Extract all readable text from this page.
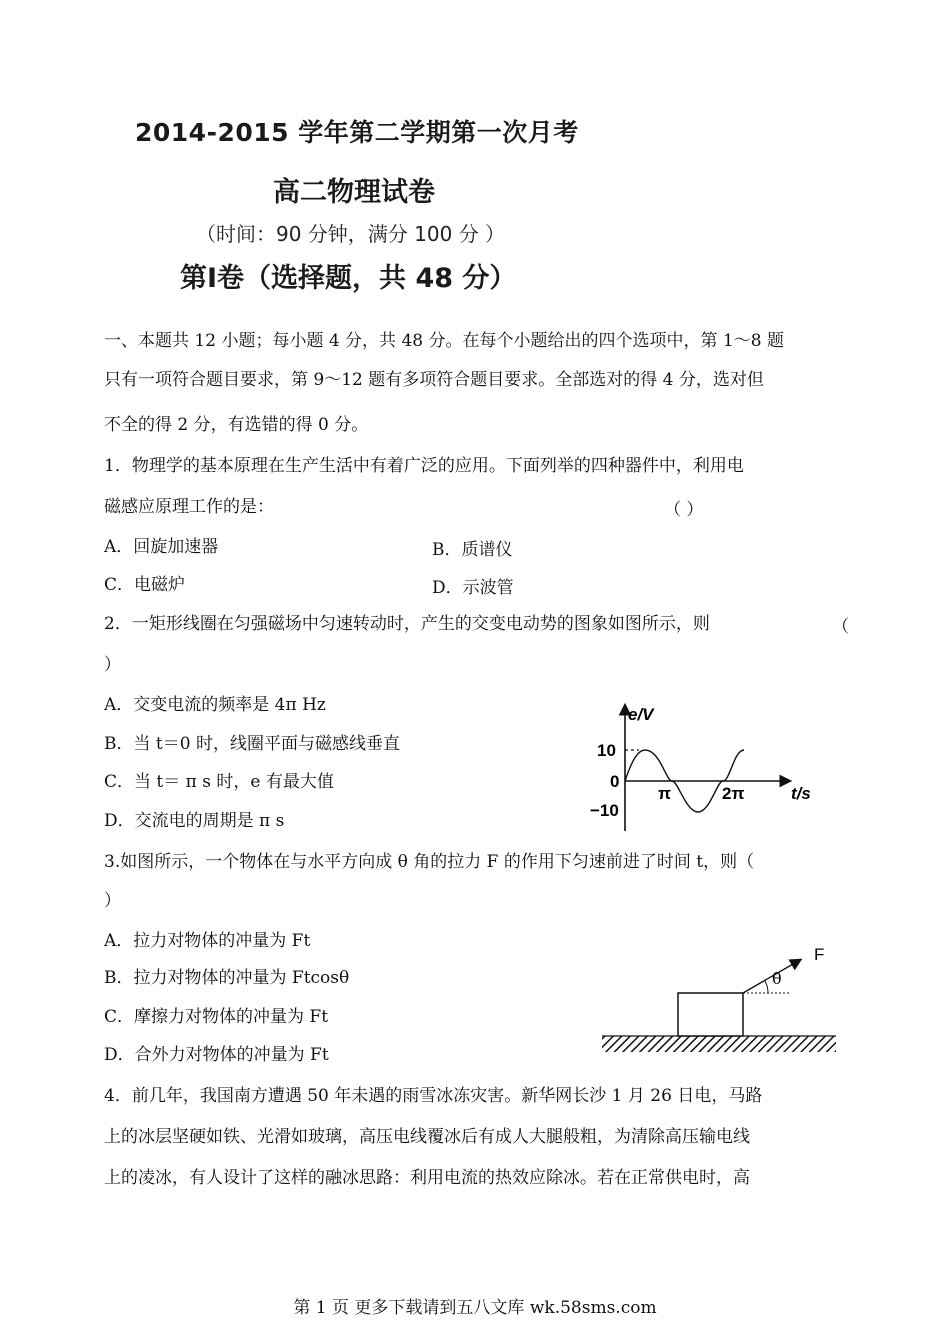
2014-2015 学年第二学期第一次月考
高二物理试卷
（时间：90 分钟，满分 100 分 ）
第Ⅰ卷（选择题，共 48 分）
一、本题共 12 小题；每小题 4 分，共 48 分。在每个小题给出的四个选项中，第 1～8 题
只有一项符合题目要求，第 9～12 题有多项符合题目要求。全部选对的得 4 分，选对但
不全的得 2 分，有选错的得 0 分。
1．物理学的基本原理在生产生活中有着广泛的应用。下面列举的四种器件中，利用电
磁感应原理工作的是：	（ ）
A．回旋加速器	B．质谱仪
C．电磁炉	D．示波管
2．一矩形线圈在匀强磁场中匀速转动时，产生的交变电动势的图象如图所示，则	（
）
A．交变电流的频率是 4π Hz
B．当 t＝0 时，线圈平面与磁感线垂直
C．当 t＝ π s 时，e 有最大值
D．交流电的周期是 π s
e/V
10
0
−10
π	2π	t/s
3.如图所示，一个物体在与水平方向成 θ 角的拉力 F 的作用下匀速前进了时间 t，则（
）
A．拉力对物体的冲量为 Ft
B．拉力对物体的冲量为 Ftcosθ
C．摩擦力对物体的冲量为 Ft
D．合外力对物体的冲量为 Ft
θ
F
4．前几年，我国南方遭遇 50 年未遇的雨雪冰冻灾害。新华网长沙 1 月 26 日电，马路
上的冰层坚硬如铁、光滑如玻璃，高压电线覆冰后有成人大腿般粗，为清除高压输电线
上的凌冰，有人设计了这样的融冰思路：利用电流的热效应除冰。若在正常供电时，高
第 1 页 更多下载请到五八文库 wk.58sms.com
